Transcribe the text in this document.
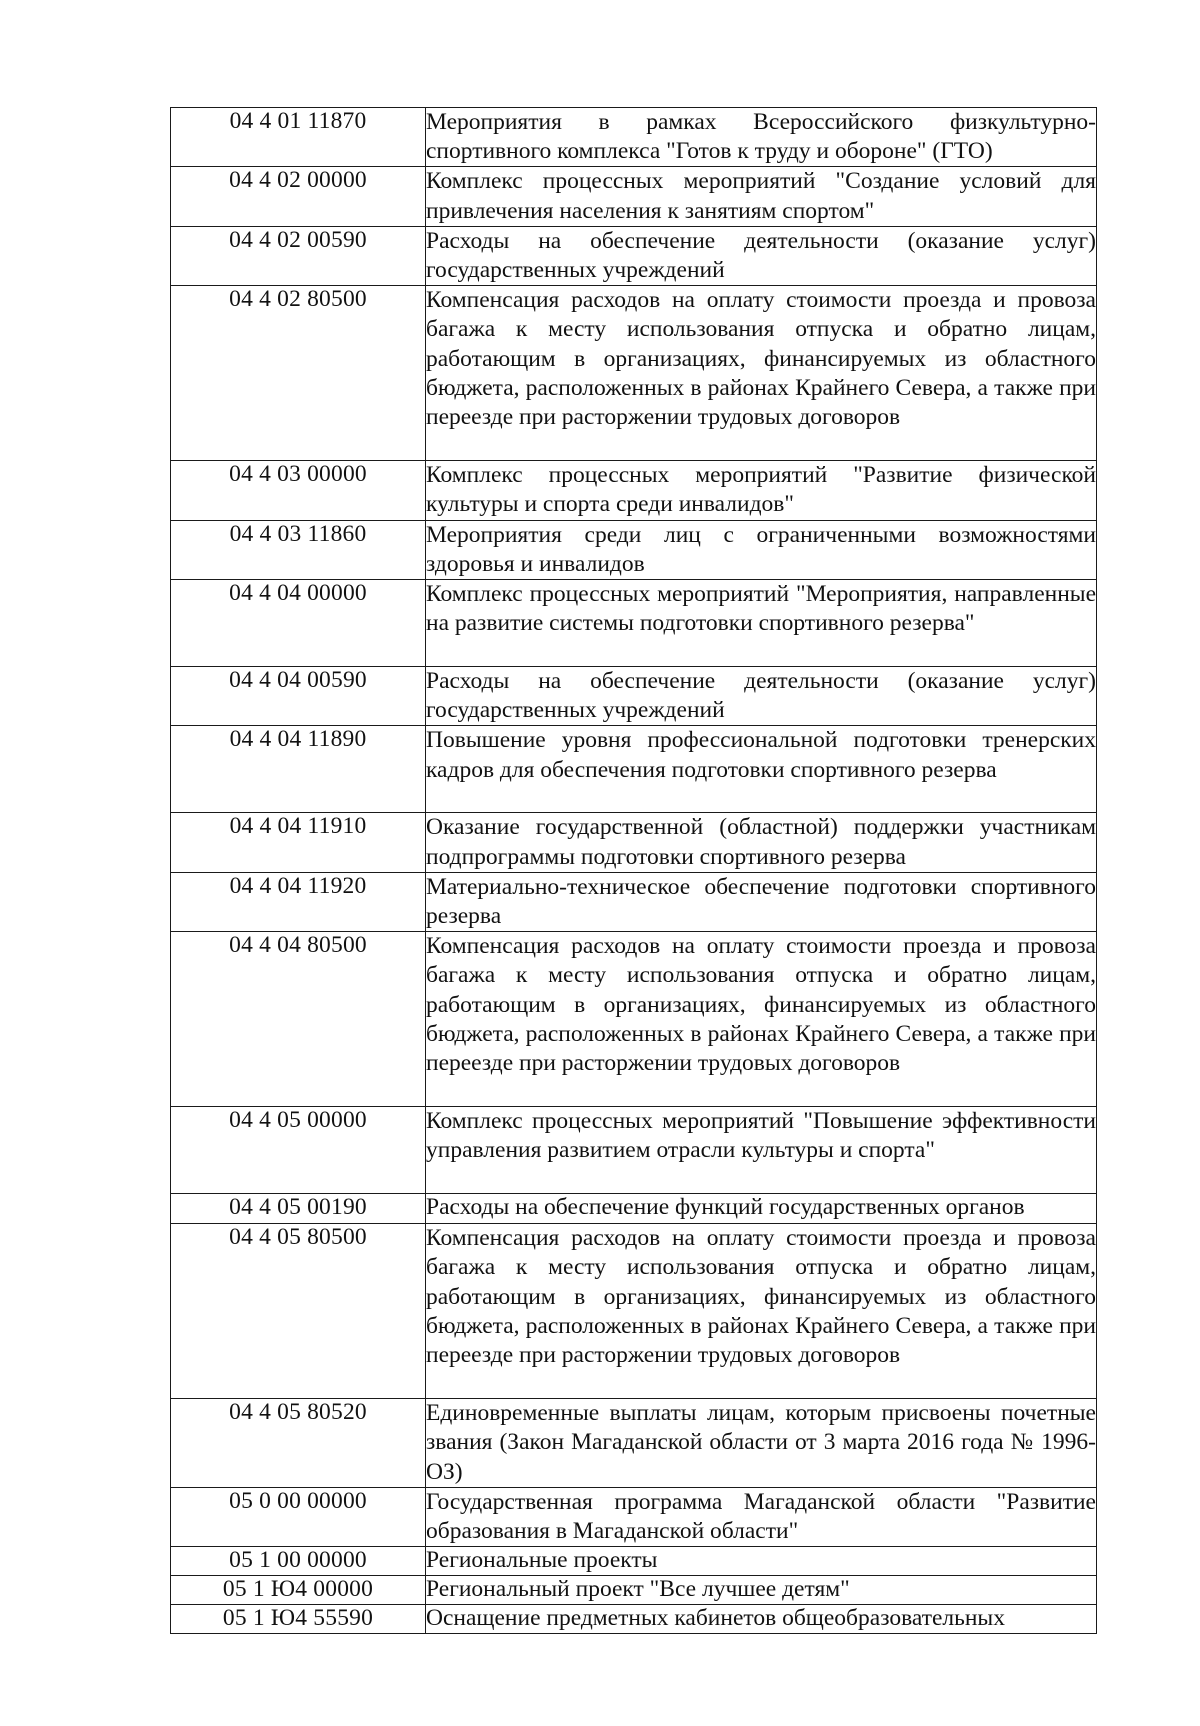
04 4 01 11870	Мероприятия в рамках Всероссийского физкультурно-спортивного комплекса "Готов к труду и обороне" (ГТО)
04 4 02 00000	Комплекс процессных мероприятий "Создание условий для привлечения населения к занятиям спортом"
04 4 02 00590	Расходы на обеспечение деятельности (оказание услуг) государственных учреждений
04 4 02 80500	Компенсация расходов на оплату стоимости проезда и провоза багажа к месту использования отпуска и обратно лицам, работающим в организациях, финансируемых из областного бюджета, расположенных в районах Крайнего Севера, а также при переезде при расторжении трудовых договоров
04 4 03 00000	Комплекс процессных мероприятий "Развитие физической культуры и спорта среди инвалидов"
04 4 03 11860	Мероприятия среди лиц с ограниченными возможностями здоровья и инвалидов
04 4 04 00000	Комплекс процессных мероприятий "Мероприятия, направленные на развитие системы подготовки спортивного резерва"
04 4 04 00590	Расходы на обеспечение деятельности (оказание услуг) государственных учреждений
04 4 04 11890	Повышение уровня профессиональной подготовки тренерских кадров для обеспечения подготовки спортивного резерва
04 4 04 11910	Оказание государственной (областной) поддержки участникам подпрограммы подготовки спортивного резерва
04 4 04 11920	Материально-техническое обеспечение подготовки спортивного резерва
04 4 04 80500	Компенсация расходов на оплату стоимости проезда и провоза багажа к месту использования отпуска и обратно лицам, работающим в организациях, финансируемых из областного бюджета, расположенных в районах Крайнего Севера, а также при переезде при расторжении трудовых договоров
04 4 05 00000	Комплекс процессных мероприятий "Повышение эффективности управления развитием отрасли культуры и спорта"
04 4 05 00190	Расходы на обеспечение функций государственных органов
04 4 05 80500	Компенсация расходов на оплату стоимости проезда и провоза багажа к месту использования отпуска и обратно лицам, работающим в организациях, финансируемых из областного бюджета, расположенных в районах Крайнего Севера, а также при переезде при расторжении трудовых договоров
04 4 05 80520	Единовременные выплаты лицам, которым присвоены почетные звания (Закон Магаданской области от 3 марта 2016 года № 1996-ОЗ)
05 0 00 00000	Государственная программа Магаданской области "Развитие образования в Магаданской области"
05 1 00 00000	Региональные проекты
05 1 Ю4 00000	Региональный проект "Все лучшее детям"
05 1 Ю4 55590	Оснащение предметных кабинетов общеобразовательных
